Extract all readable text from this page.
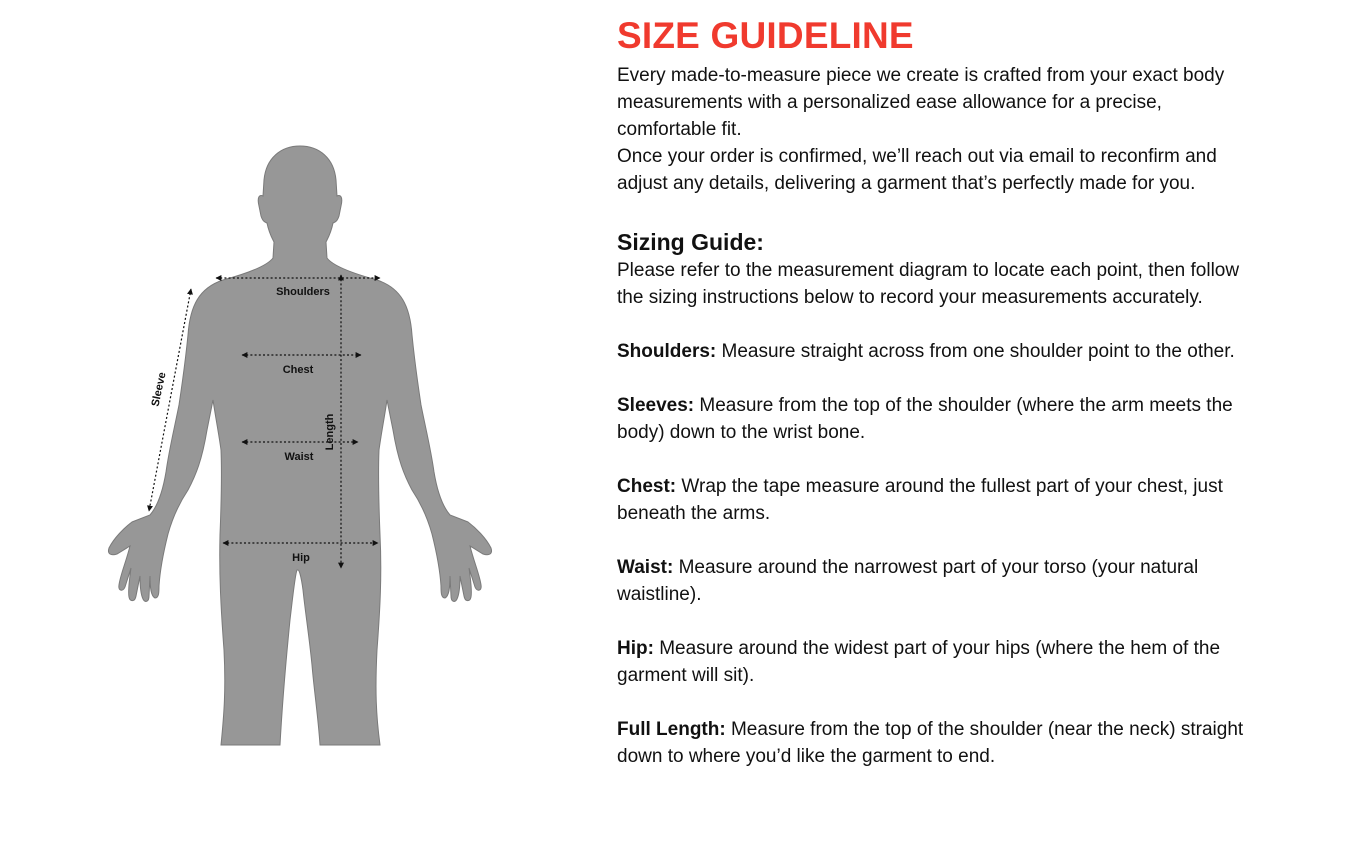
Shoulders
Chest
Waist
Hip
Length
Sleeve
SIZE GUIDELINE

Every made-to-measure piece we create is crafted from your exact body measurements with a personalized ease allowance for a precise, comfortable fit.

Once your order is confirmed, we’ll reach out via email to reconfirm and adjust any details, delivering a garment that’s perfectly made for you.

Sizing Guide:

Please refer to the measurement diagram to locate each point, then follow the sizing instructions below to record your measurements accurately.

Shoulders: Measure straight across from one shoulder point to the other.
Sleeves: Measure from the top of the shoulder (where the arm meets the body) down to the wrist bone.
Chest: Wrap the tape measure around the fullest part of your chest, just beneath the arms.
Waist: Measure around the narrowest part of your torso (your natural waistline).
Hip: Measure around the widest part of your hips (where the hem of the garment will sit).
Full Length: Measure from the top of the shoulder (near the neck) straight down to where you’d like the garment to end.
